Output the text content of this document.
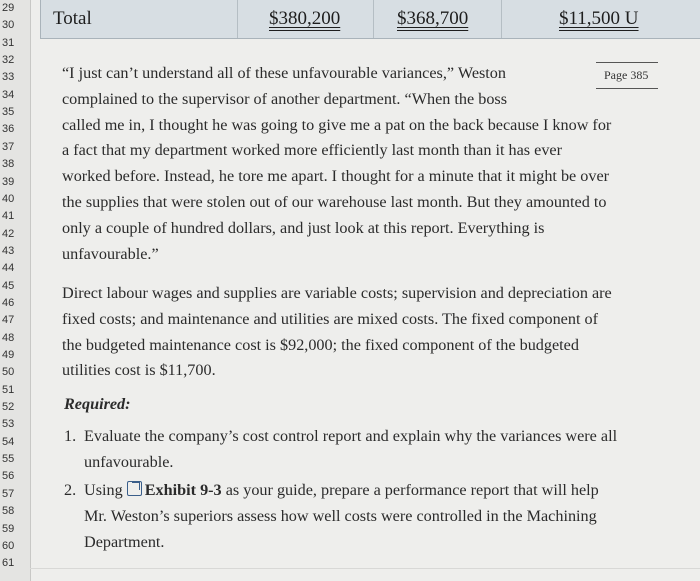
29
30
31
32
33
34
35
36
37
38
39
40
41
42
43
44
45
46
47
48
49
50
51
52
53
54
55
56
57
58
59
60
61
Total	$380,200	$368,700	$11,500 U
Page 385
“I just can’t understand all of these unfavourable variances,” Weston
complained to the supervisor of another department. “When the boss
called me in, I thought he was going to give me a pat on the back because I know for
a fact that my department worked more efficiently last month than it has ever
worked before. Instead, he tore me apart. I thought for a minute that it might be over
the supplies that were stolen out of our warehouse last month. But they amounted to
only a couple of hundred dollars, and just look at this report. Everything is
unfavourable.”
Direct labour wages and supplies are variable costs; supervision and depreciation are
fixed costs; and maintenance and utilities are mixed costs. The fixed component of
the budgeted maintenance cost is $92,000; the fixed component of the budgeted
utilities cost is $11,700.
Required:
1. Evaluate the company’s cost control report and explain why the variances were all
unfavourable.
2. Using Exhibit 9-3 as your guide, prepare a performance report that will help
Mr. Weston’s superiors assess how well costs were controlled in the Machining
Department.
